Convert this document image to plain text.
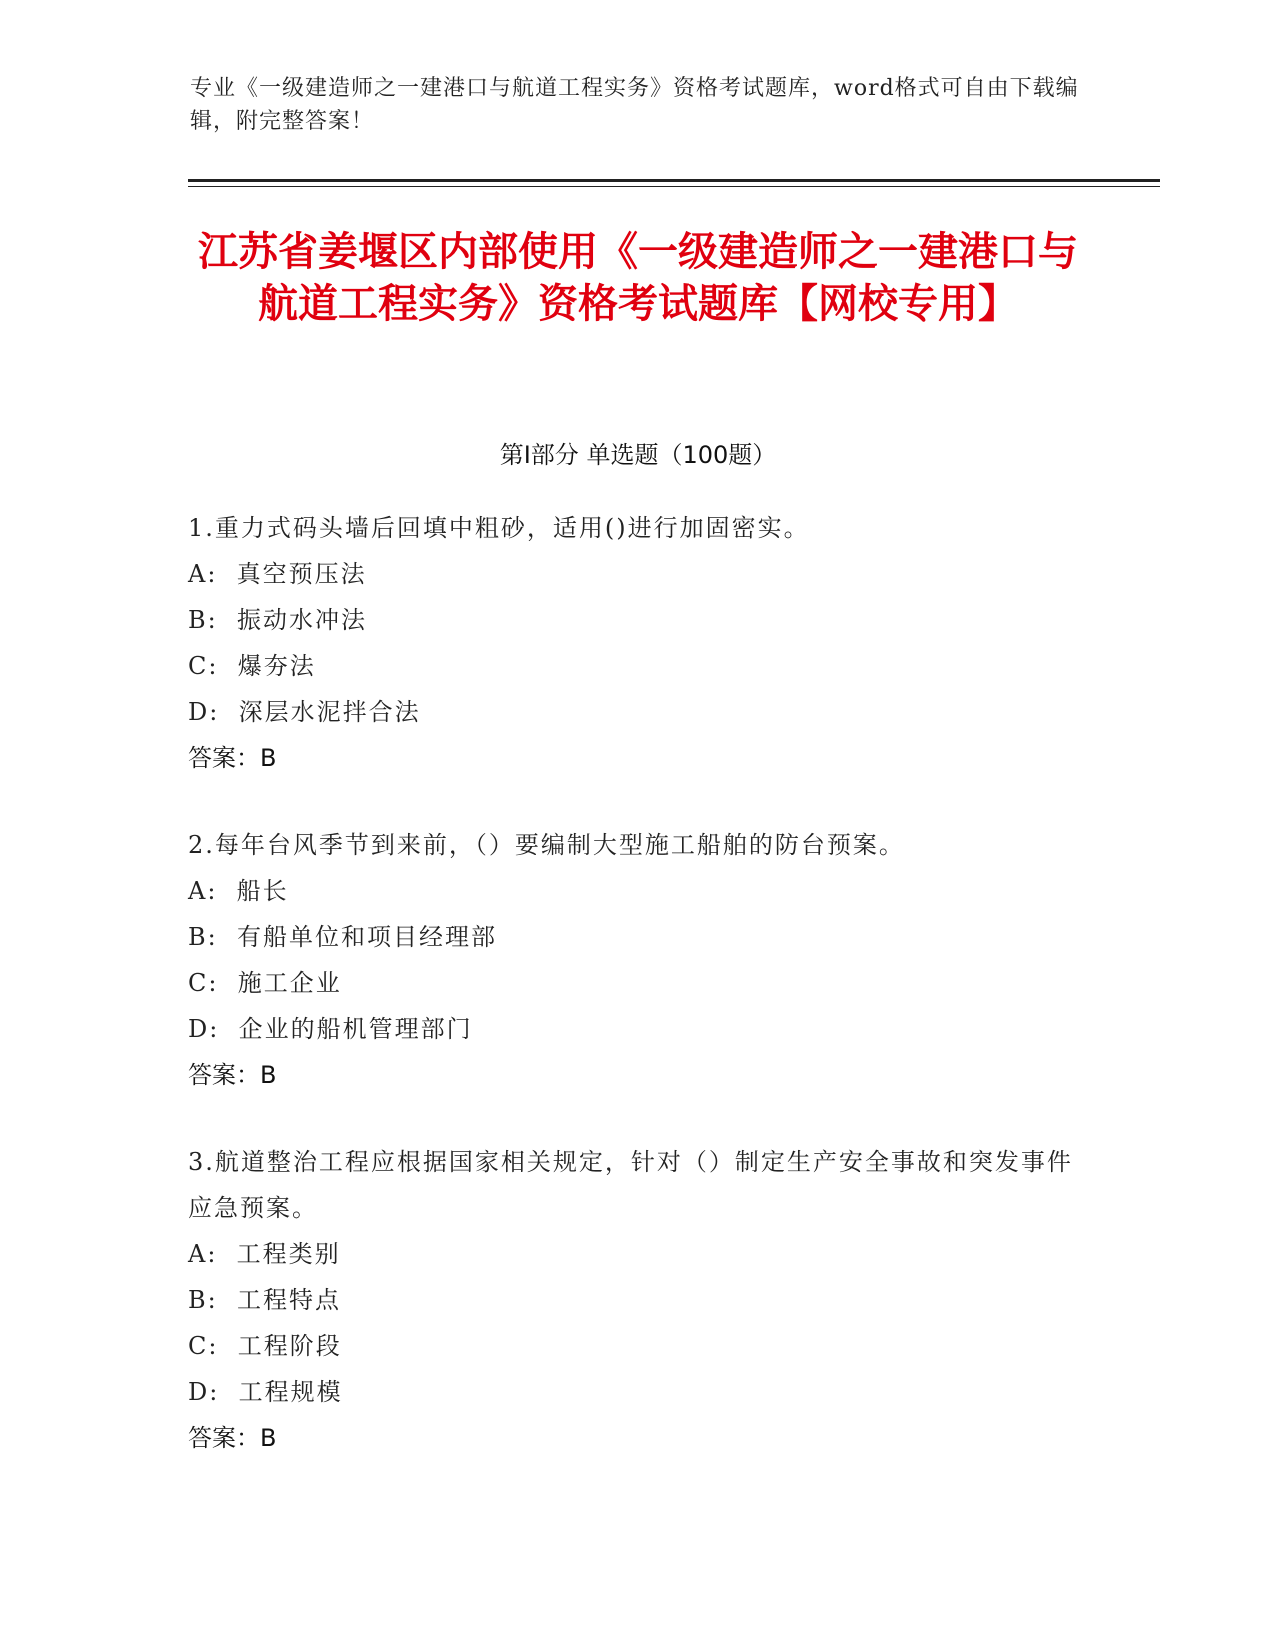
专业《一级建造师之一建港口与航道工程实务》资格考试题库，word格式可自由下载编辑，附完整答案！
江苏省姜堰区内部使用《一级建造师之一建港口与航道工程实务》资格考试题库【网校专用】
第Ⅰ部分 单选题（100题）
1.重力式码头墙后回填中粗砂，适用()进行加固密实。
A:  真空预压法
B:  振动水冲法
C:  爆夯法
D:  深层水泥拌合法
答案：B
2.每年台风季节到来前，（）要编制大型施工船舶的防台预案。
A:  船长
B:  有船单位和项目经理部
C:  施工企业
D:  企业的船机管理部门
答案：B
3.航道整治工程应根据国家相关规定，针对（）制定生产安全事故和突发事件应急预案。
A:  工程类别
B:  工程特点
C:  工程阶段
D:  工程规模
答案：B
